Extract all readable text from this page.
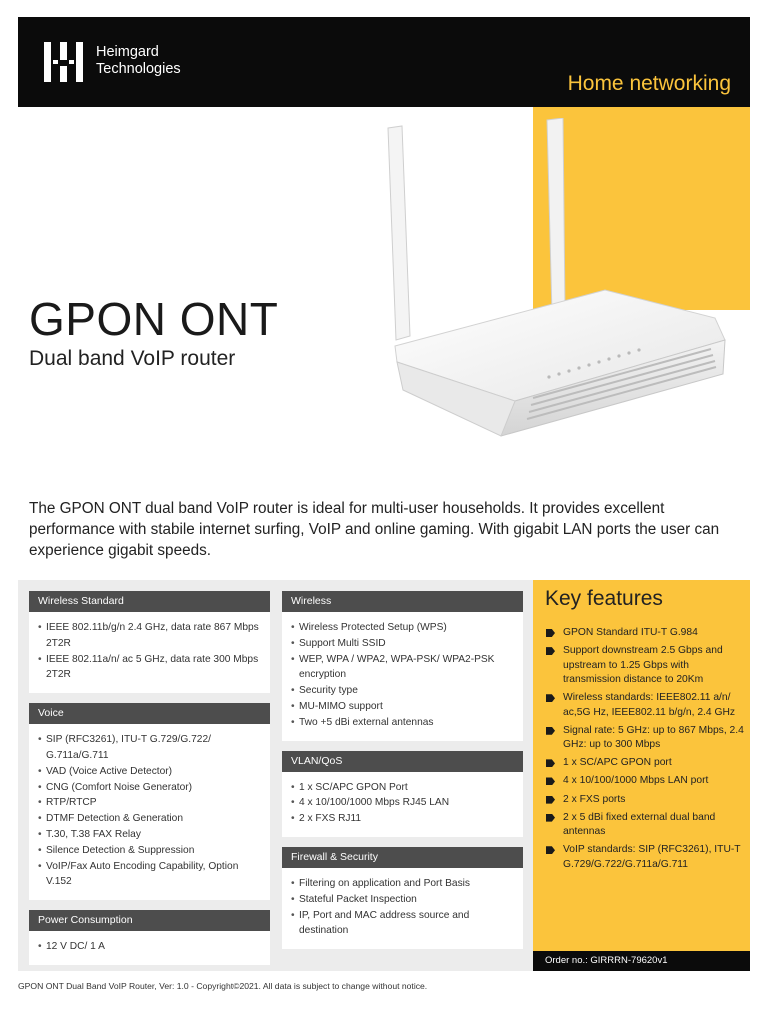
Heimgard
Technologies
Home networking
GPON ONT
Dual band VoIP router

The GPON ONT dual band VoIP router is ideal for multi-user households. It provides excellent performance with stabile internet surfing, VoIP and online gaming. With gigabit LAN ports the user can experience gigabit speeds.

Wireless Standard
• IEEE 802.11b/g/n 2.4 GHz, data rate 867 Mbps 2T2R
• IEEE 802.11a/n/ ac 5 GHz, data rate 300 Mbps 2T2R
Voice
• SIP (RFC3261), ITU-T G.729/G.722/ G.711a/G.711
• VAD (Voice Active Detector)
• CNG (Comfort Noise Generator)
• RTP/RTCP
• DTMF Detection & Generation
• T.30, T.38 FAX Relay
• Silence Detection & Suppression
• VoIP/Fax Auto Encoding Capability, Option V.152
Power Consumption
• 12 V DC/ 1 A
Wireless
• Wireless Protected Setup (WPS)
• Support Multi SSID
• WEP, WPA / WPA2, WPA-PSK/ WPA2-PSK encryption
• Security type
• MU-MIMO support
• Two +5 dBi external antennas
VLAN/QoS
• 1 x SC/APC GPON Port
• 4 x 10/100/1000 Mbps RJ45 LAN
• 2 x FXS RJ11
Firewall & Security
• Filtering on application and Port Basis
• Stateful Packet Inspection
• IP, Port and MAC address source and destination
Key features
GPON Standard ITU-T G.984
Support downstream 2.5 Gbps and upstream to 1.25 Gbps with transmission distance to 20Km
Wireless standards: IEEE802.11 a/n/ ac,5G Hz, IEEE802.11 b/g/n, 2.4 GHz
Signal rate: 5 GHz: up to 867 Mbps, 2.4 GHz: up to 300 Mbps
1 x SC/APC GPON port
4 x 10/100/1000 Mbps LAN port
2 x FXS ports
2 x 5 dBi fixed external dual band antennas
VoIP standards: SIP (RFC3261), ITU-T G.729/G.722/G.711a/G.711
Order no.: GIRRRN-79620v1
GPON ONT Dual Band VoIP Router, Ver: 1.0 - Copyright©2021. All data is subject to change without notice.
